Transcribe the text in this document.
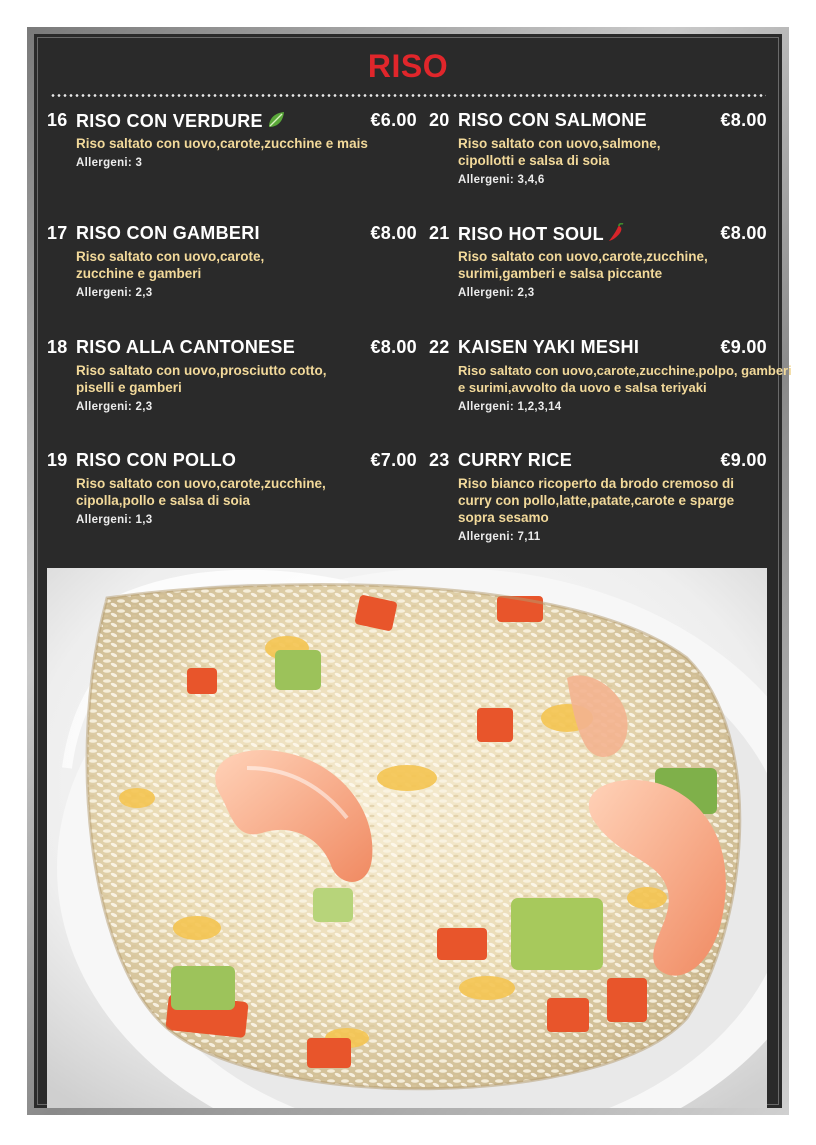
RISO
16 RISO CON VERDURE	€6.00
Riso saltato con uovo,carote,zucchine e mais
Allergeni: 3
17 RISO CON GAMBERI	€8.00
Riso saltato con uovo,carote, zucchine e gamberi
Allergeni: 2,3
18 RISO ALLA CANTONESE	€8.00
Riso saltato con uovo,prosciutto cotto, piselli e gamberi
Allergeni: 2,3
19 RISO CON POLLO	€7.00
Riso saltato con uovo,carote,zucchine, cipolla,pollo e salsa di soia
Allergeni: 1,3
20 RISO CON SALMONE	€8.00
Riso saltato con uovo,salmone, cipollotti e salsa di soia
Allergeni: 3,4,6
21 RISO HOT SOUL	€8.00
Riso saltato con uovo,carote,zucchine, surimi,gamberi e salsa piccante
Allergeni: 2,3
22 KAISEN YAKI MESHI	€9.00
Riso saltato con uovo,carote,zucchine,polpo, gamberi e surimi,avvolto da uovo e salsa teriyaki
Allergeni: 1,2,3,14
23 CURRY RICE	€9.00
Riso bianco ricoperto da brodo cremoso di curry con pollo,latte,patate,carote e sparge sopra sesamo
Allergeni: 7,11
